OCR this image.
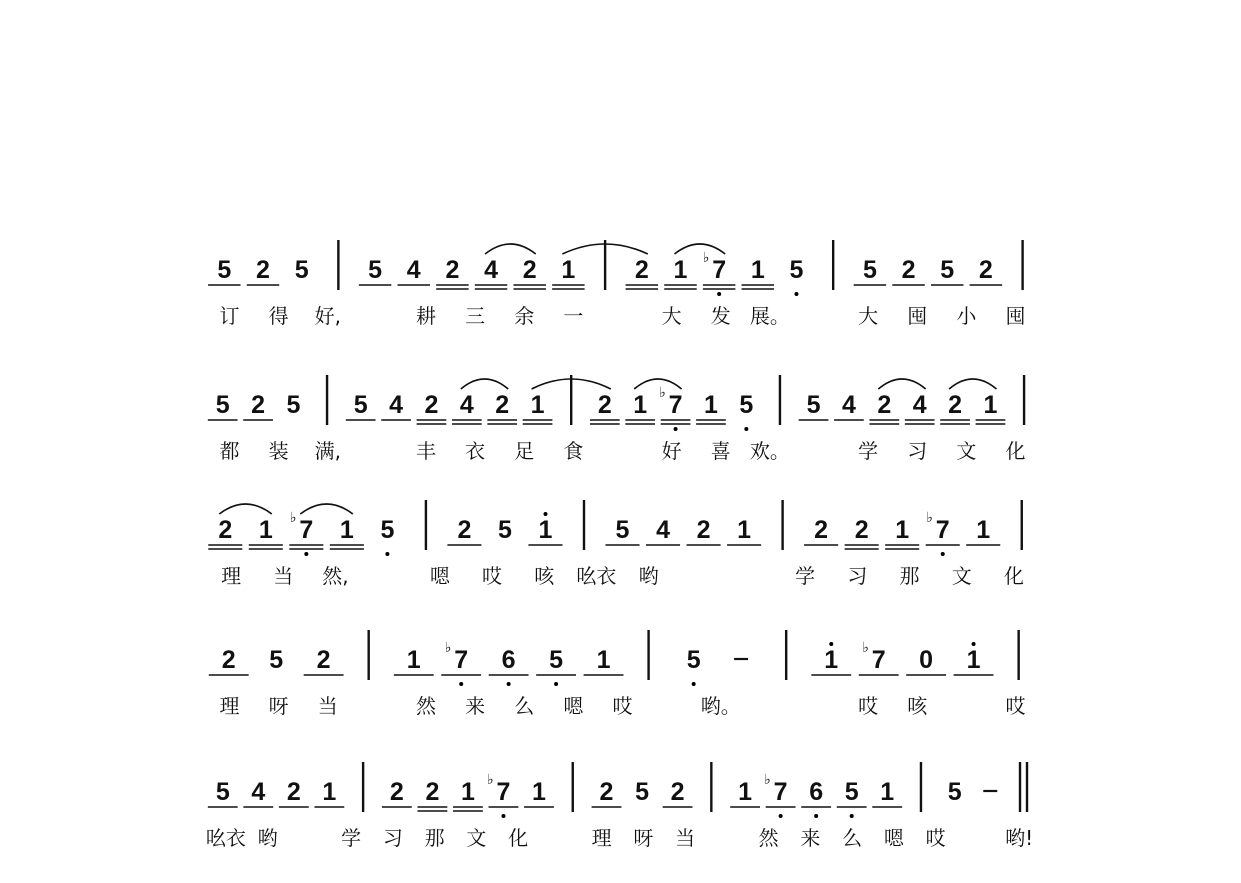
5 2 5 5 4 2 4 2 1 2 1 7
♭ 1 5 5 2 5 2
订 得 好,	耕 三 余 一	大 发 展。	大 囤 小 囤
5 2 5 5 4 2 4 2 1 2 1 7
♭ 1 5 5 4 2 4 2 1
都 装 满,	丰 衣 足 食	好 喜 欢。	学 习 文 化
2 1 7
♭ 1 5	2 5 1	5 4 2 1	2 2 1 7
♭ 1
理 当 然,	嗯 哎 咳 吆衣 哟	学 习 那 文 化
2 5 2	1 7
♭ 6 5 1	5	1 7
♭ 0 1
理 呀 当	然 来 么 嗯 哎	哟。	哎 咳	哎
5 4 2 1 2 2 1 7
♭ 1 2 5 2 1 7
♭ 6 5 1 5
吆衣 哟	学 习 那 文 化	理 呀 当	然 来 么 嗯 哎	哟!
